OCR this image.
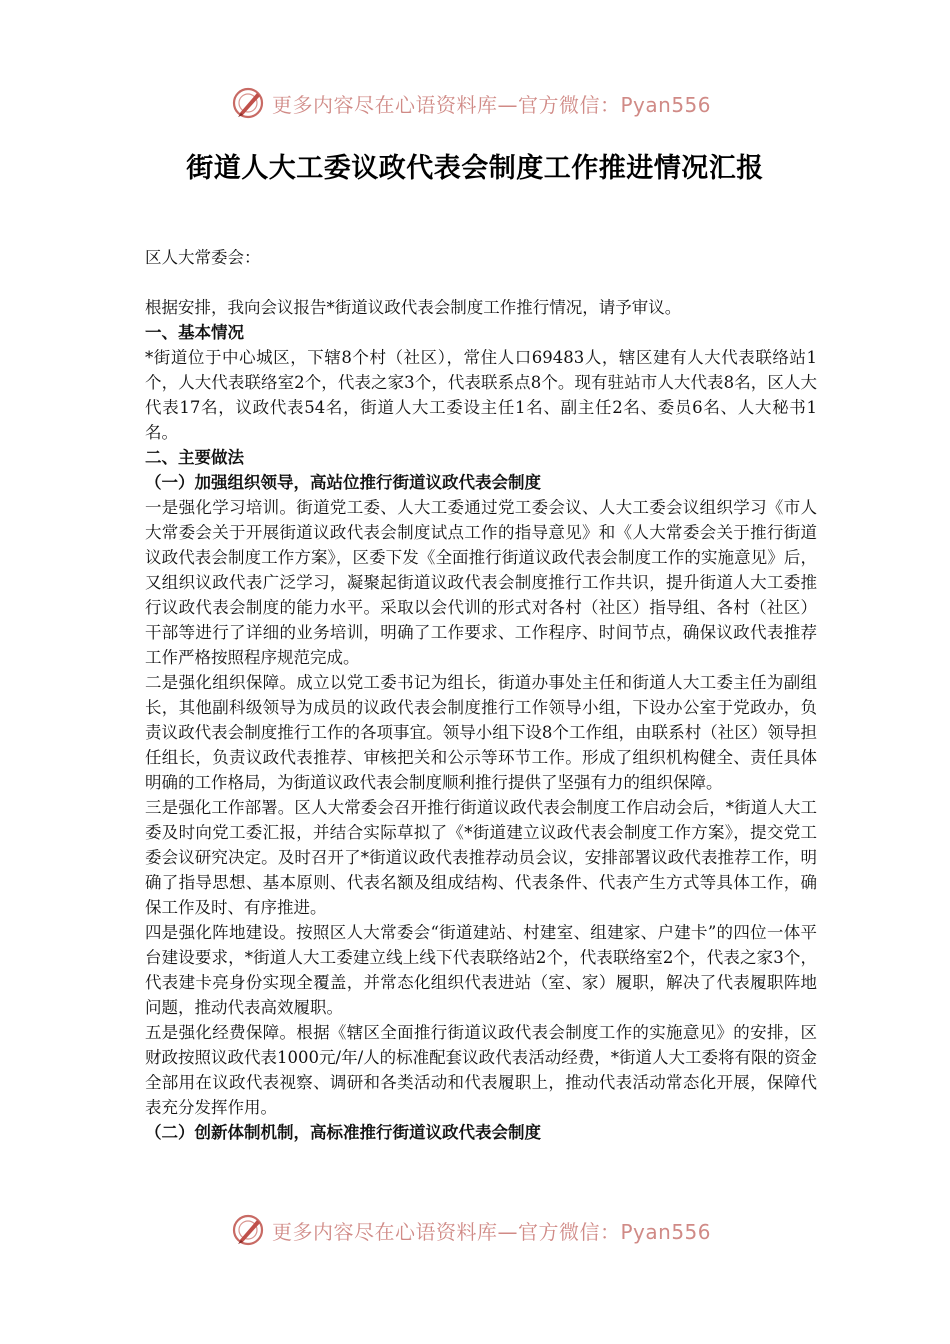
更多内容尽在心语资料库—官方微信：Pyan556
街道人大工委议政代表会制度工作推进情况汇报

区人大常委会：

根据安排，我向会议报告*街道议政代表会制度工作推行情况，请予审议。

一、基本情况

*街道位于中心城区，下辖8个村（社区），常住人口69483人，辖区建有人大代表联络站1个，人大代表联络室2个，代表之家3个，代表联系点8个。现有驻站市人大代表8名，区人大代表17名，议政代表54名，街道人大工委设主任1名、副主任2名、委员6名、人大秘书1名。

二、主要做法

（一）加强组织领导，高站位推行街道议政代表会制度

一是强化学习培训。街道党工委、人大工委通过党工委会议、人大工委会议组织学习《市人大常委会关于开展街道议政代表会制度试点工作的指导意见》和《人大常委会关于推行街道议政代表会制度工作方案》，区委下发《全面推行街道议政代表会制度工作的实施意见》后，又组织议政代表广泛学习，凝聚起街道议政代表会制度推行工作共识，提升街道人大工委推行议政代表会制度的能力水平。采取以会代训的形式对各村（社区）指导组、各村（社区）干部等进行了详细的业务培训，明确了工作要求、工作程序、时间节点，确保议政代表推荐工作严格按照程序规范完成。

二是强化组织保障。成立以党工委书记为组长，街道办事处主任和街道人大工委主任为副组长，其他副科级领导为成员的议政代表会制度推行工作领导小组，下设办公室于党政办，负责议政代表会制度推行工作的各项事宜。领导小组下设8个工作组，由联系村（社区）领导担任组长，负责议政代表推荐、审核把关和公示等环节工作。形成了组织机构健全、责任具体明确的工作格局，为街道议政代表会制度顺利推行提供了坚强有力的组织保障。

三是强化工作部署。区人大常委会召开推行街道议政代表会制度工作启动会后，*街道人大工委及时向党工委汇报，并结合实际草拟了《*街道建立议政代表会制度工作方案》，提交党工委会议研究决定。及时召开了*街道议政代表推荐动员会议，安排部署议政代表推荐工作，明确了指导思想、基本原则、代表名额及组成结构、代表条件、代表产生方式等具体工作，确保工作及时、有序推进。

四是强化阵地建设。按照区人大常委会“街道建站、村建室、组建家、户建卡”的四位一体平台建设要求，*街道人大工委建立线上线下代表联络站2个，代表联络室2个，代表之家3个，代表建卡亮身份实现全覆盖，并常态化组织代表进站（室、家）履职，解决了代表履职阵地问题，推动代表高效履职。

五是强化经费保障。根据《辖区全面推行街道议政代表会制度工作的实施意见》的安排，区财政按照议政代表1000元/年/人的标准配套议政代表活动经费，*街道人大工委将有限的资金全部用在议政代表视察、调研和各类活动和代表履职上，推动代表活动常态化开展，保障代表充分发挥作用。

（二）创新体制机制，高标准推行街道议政代表会制度

更多内容尽在心语资料库—官方微信：Pyan556
